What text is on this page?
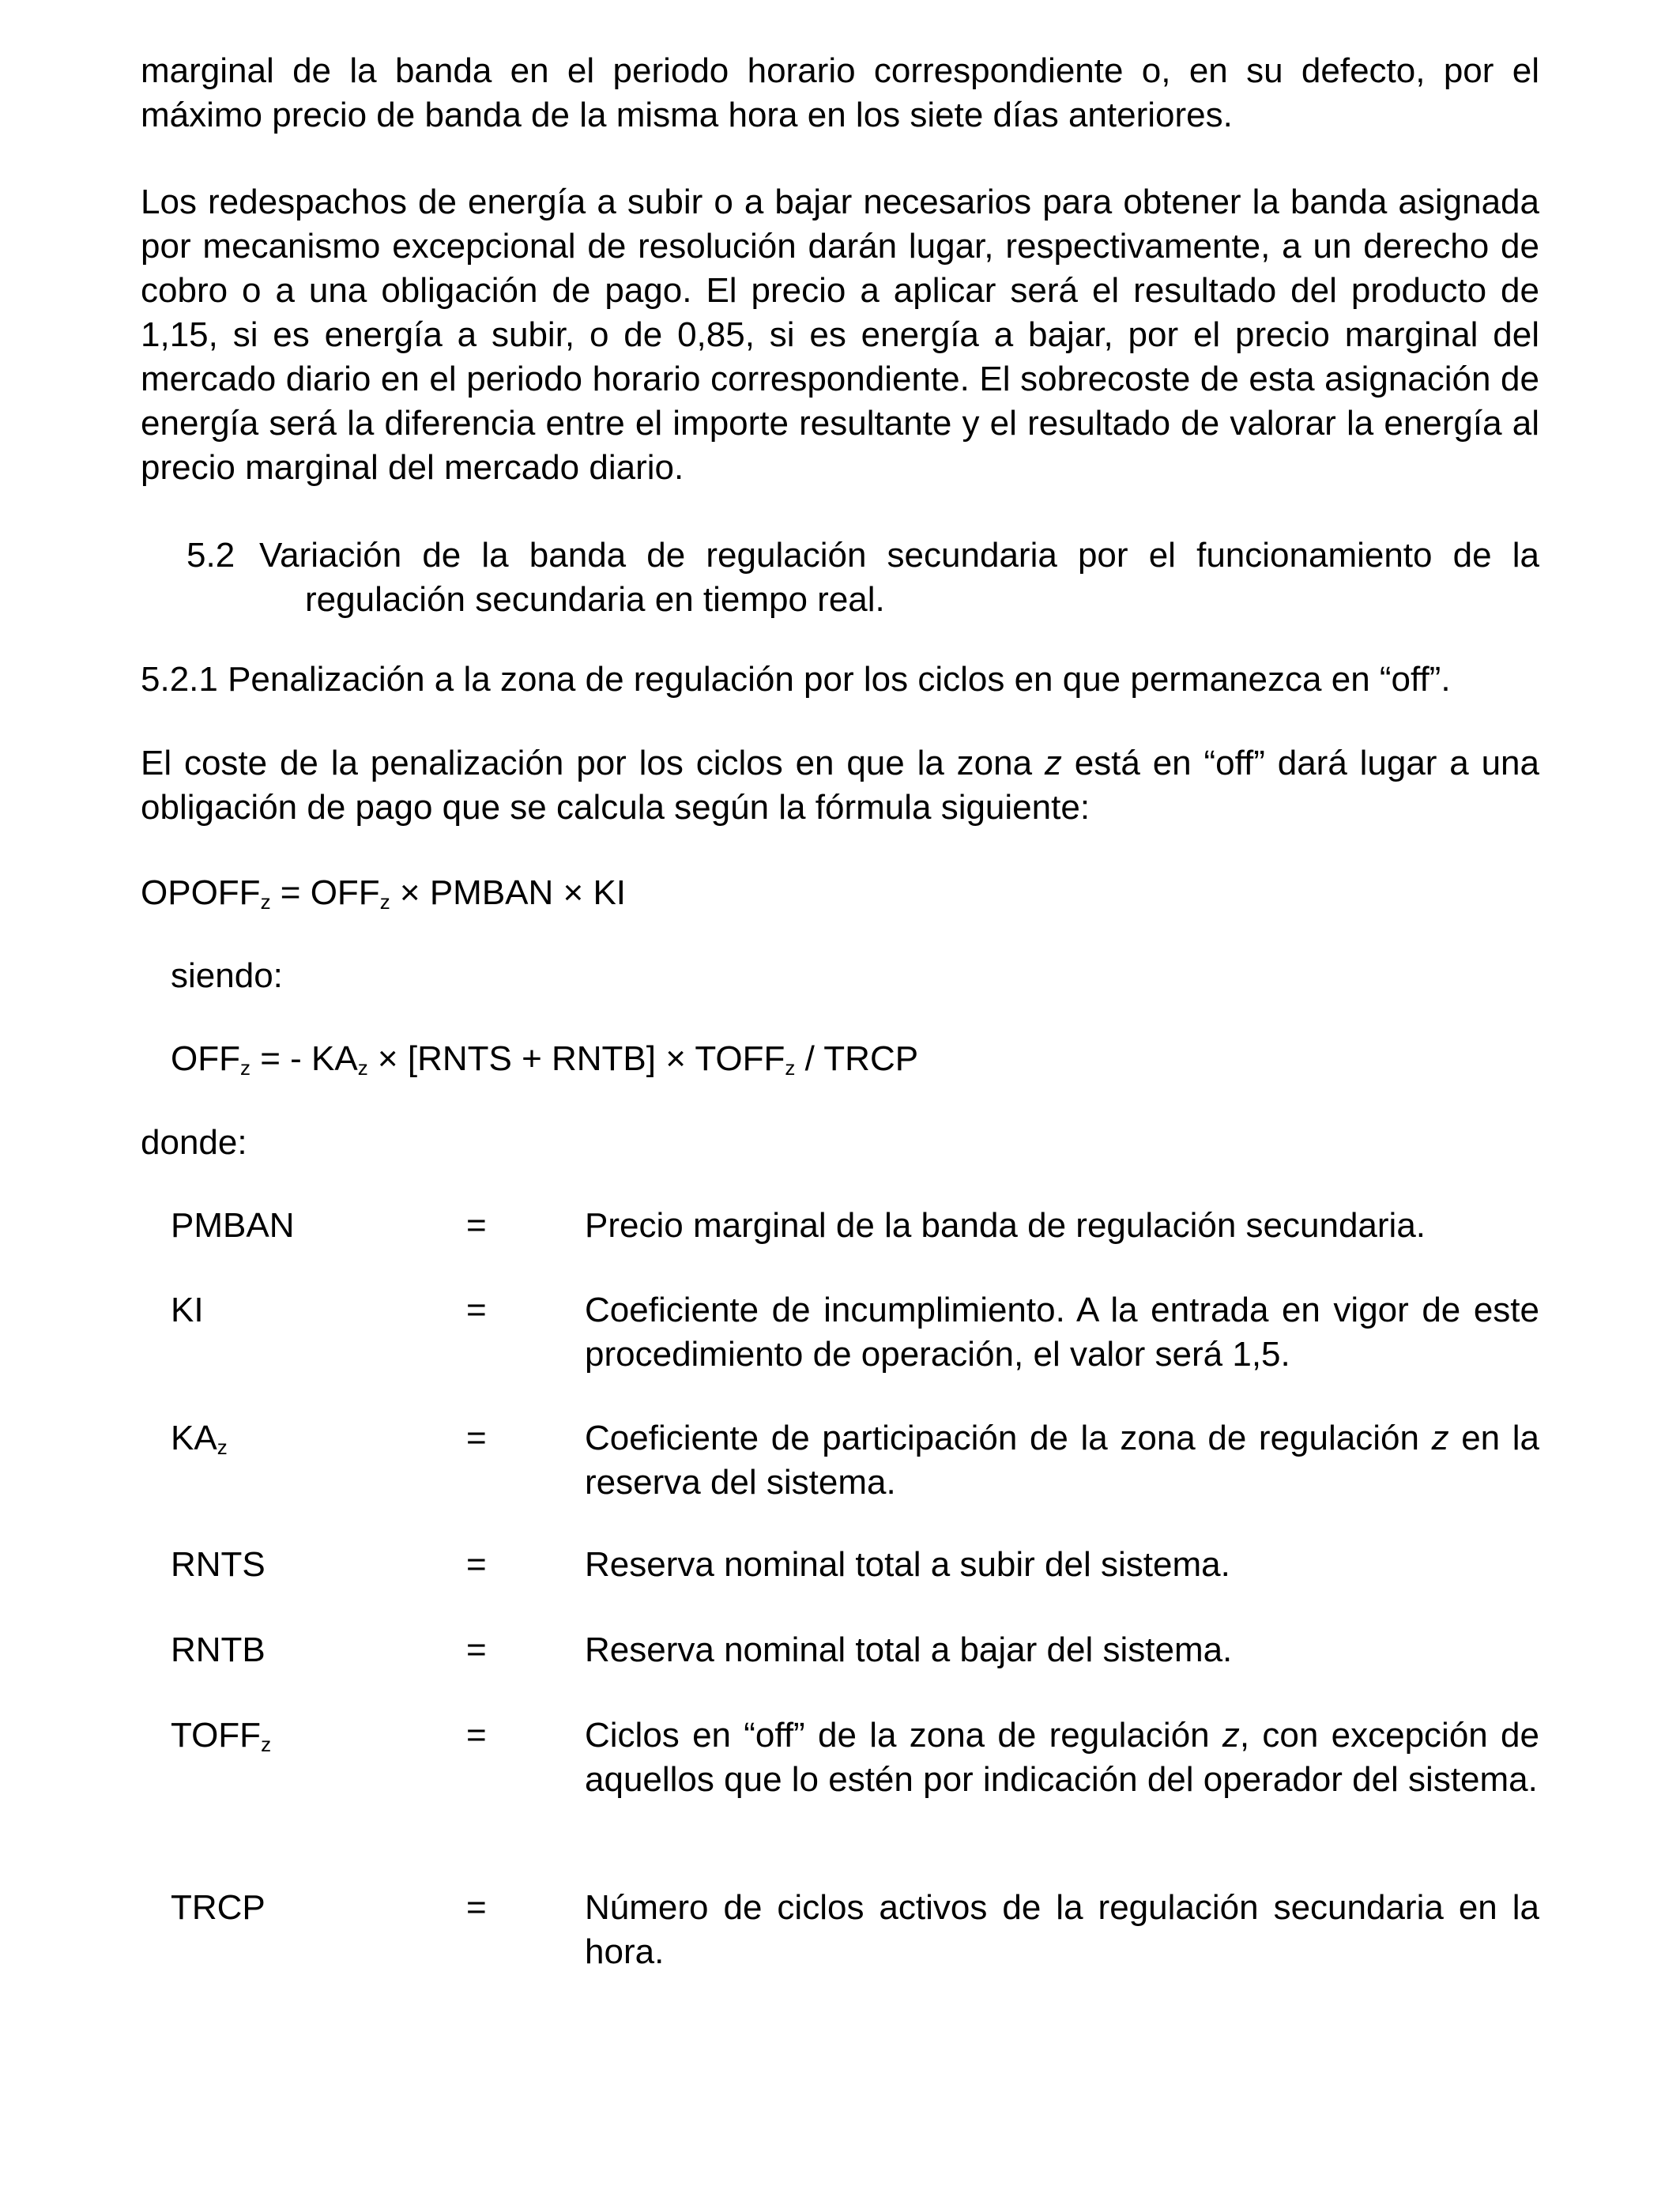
marginal de la banda en el periodo horario correspondiente o, en su defecto, por el máximo precio de banda de la misma hora en los siete días anteriores.

Los redespachos de energía a subir o a bajar necesarios para obtener la banda asignada por mecanismo excepcional de resolución darán lugar, respectivamente, a un derecho de cobro o a una obligación de pago. El precio a aplicar será el resultado del producto de 1,15, si es energía a subir, o de 0,85, si es energía a bajar, por el precio marginal del mercado diario en el periodo horario correspondiente. El sobrecoste de esta asignación de energía será la diferencia entre el importe resultante y el resultado de valorar la energía al precio marginal del mercado diario.

5.2 Variación de la banda de regulación secundaria por el funcionamiento de la
regulación secundaria en tiempo real.

5.2.1 Penalización a la zona de regulación por los ciclos en que permanezca en “off”.

El coste de la penalización por los ciclos en que la zona z está en “off” dará lugar a una obligación de pago que se calcula según la fórmula siguiente:

$OPOFF_z = OFF_z$ × PMBAN × KI
siendo:
$OFF_z$ = - $KA_z$ × [RNTS + RNTB] × $TOFF_z$ / TRCP
donde:
PMBAN	=	Precio marginal de la banda de regulación secundaria.
KI	=	Coeficiente de incumplimiento. A la entrada en vigor de este procedimiento de operación, el valor será 1,5.
$KA_z$	=	Coeficiente de participación de la zona de regulación z en la reserva del sistema.
RNTS	=	Reserva nominal total a subir del sistema.
RNTB	=	Reserva nominal total a bajar del sistema.
$TOFF_z$	=	Ciclos en “off” de la zona de regulación z, con excepción de aquellos que lo estén por indicación del operador del sistema.
TRCP	=	Número de ciclos activos de la regulación secundaria en la hora.
